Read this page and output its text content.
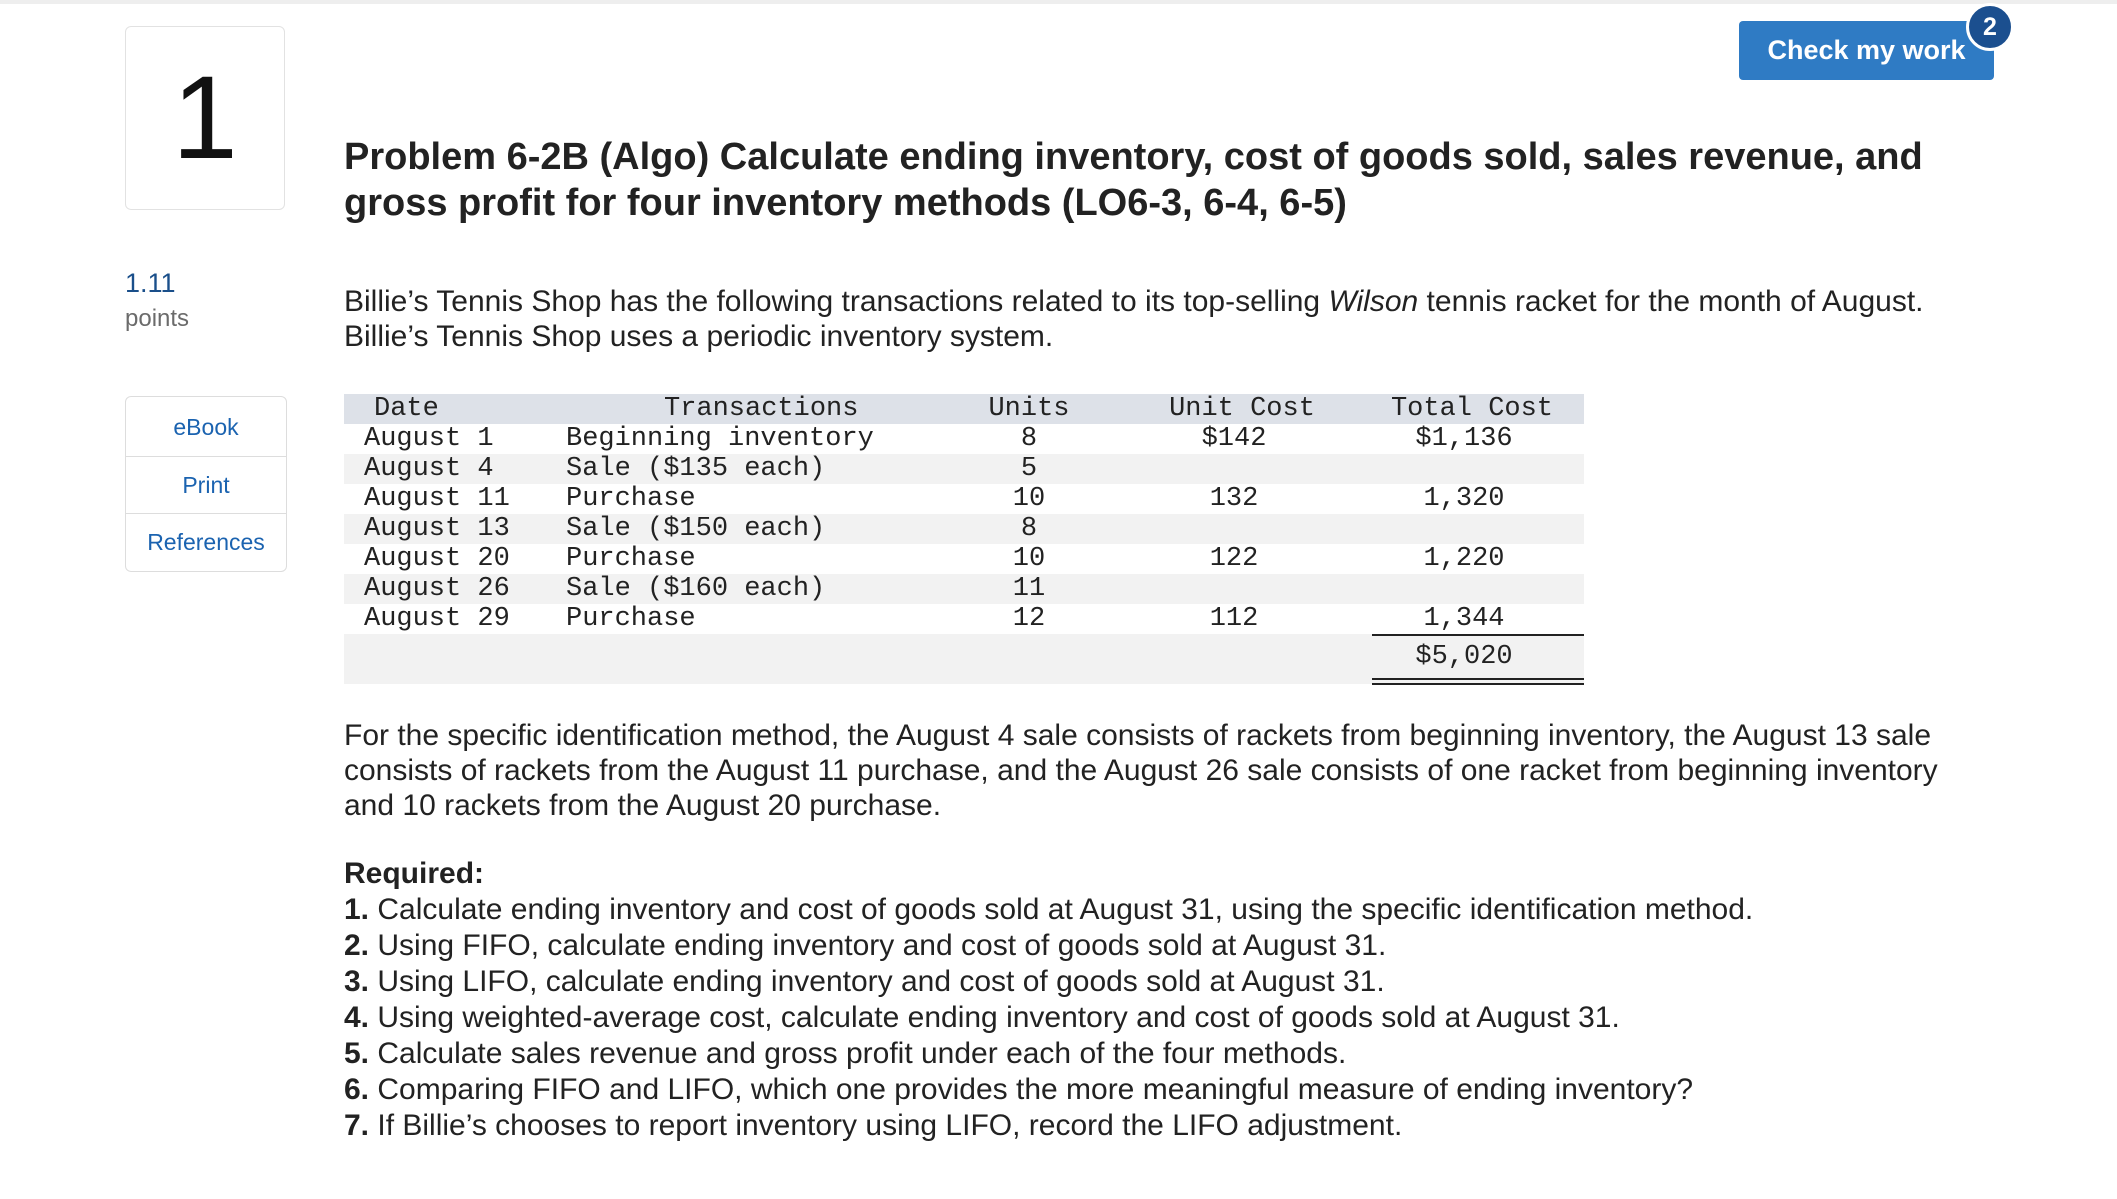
1
1.11
points
eBook
Print
References
Check my work
2
Problem 6-2B (Algo) Calculate ending inventory, cost of goods sold, sales revenue, and gross profit for four inventory methods (LO6-3, 6-4, 6-5)

Billie’s Tennis Shop has the following transactions related to its top-selling Wilson tennis racket for the month of August. Billie’s Tennis Shop uses a periodic inventory system.

Date	Transactions	Units	Unit Cost	Total Cost
August 1	Beginning inventory	8	$142	$1,136
August 4	Sale ($135 each)	5
August 11 Purchase	10	132	1,320
August 13 Sale ($150 each)	8
August 20 Purchase	10	122	1,220
August 26 Sale ($160 each)	11
August 29 Purchase	12	112	1,344
$5,020

For the specific identification method, the August 4 sale consists of rackets from beginning inventory, the August 13 sale consists of rackets from the August 11 purchase, and the August 26 sale consists of one racket from beginning inventory and 10 rackets from the August 20 purchase.

Required:
1. Calculate ending inventory and cost of goods sold at August 31, using the specific identification method.
2. Using FIFO, calculate ending inventory and cost of goods sold at August 31.
3. Using LIFO, calculate ending inventory and cost of goods sold at August 31.
4. Using weighted-average cost, calculate ending inventory and cost of goods sold at August 31.
5. Calculate sales revenue and gross profit under each of the four methods.
6. Comparing FIFO and LIFO, which one provides the more meaningful measure of ending inventory?
7. If Billie’s chooses to report inventory using LIFO, record the LIFO adjustment.
